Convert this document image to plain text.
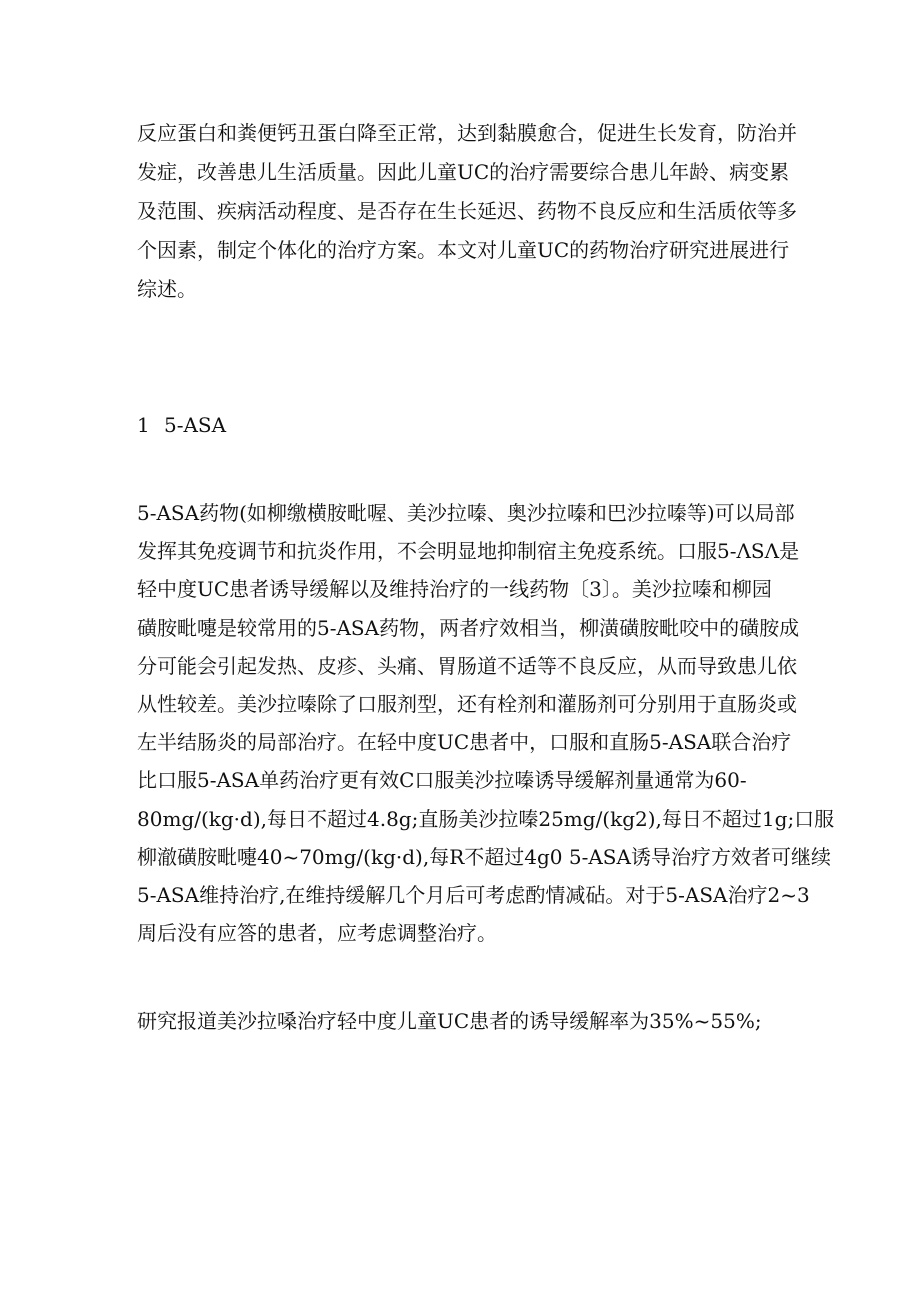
反应蛋白和粪便钙丑蛋白降至正常，达到黏膜愈合，促进生长发育，防治并
发症，改善患儿生活质量。因此儿童UC的治疗需要综合患儿年龄、病变累
及范围、疾病活动程度、是否存在生长延迟、药物不良反应和生活质依等多
个因素，制定个体化的治疗方案。本文对儿童UC的药物治疗研究进展进行
综述。
1 5-ASA
5-ASA药物(如柳缴横胺毗喔、美沙拉嗪、奥沙拉嗪和巴沙拉嗪等)可以局部
发挥其免疫调节和抗炎作用，不会明显地抑制宿主免疫系统。口服5-ΛSΛ是
轻中度UC患者诱导缓解以及维持治疗的一线药物〔3〕。美沙拉嗪和柳园
磺胺毗嚏是较常用的5-ASA药物，两者疗效相当，柳潢磺胺毗咬中的磺胺成
分可能会引起发热、皮疹、头痛、胃肠道不适等不良反应，从而导致患儿依
从性较差。美沙拉嗪除了口服剂型，还有栓剂和灌肠剂可分别用于直肠炎或
左半结肠炎的局部治疗。在轻中度UC患者中，口服和直肠5-ASA联合治疗
比口服5-ASA单药治疗更有效C口服美沙拉嗪诱导缓解剂量通常为60-
80mg∕(kg·d),每日不超过4.8g;直肠美沙拉嗪25mg∕(kg2),每日不超过1g;口服
柳澈磺胺毗嚏40~70mg∕(kg·d),每R不超过4g0 5-ASA诱导治疗方效者可继续
5-ASA维持治疗,在维持缓解几个月后可考虑酌情减砧。对于5-ASA治疗2~3
周后没有应答的患者，应考虑调整治疗。
研究报道美沙拉嗓治疗轻中度儿童UC患者的诱导缓解率为35%~55%;
